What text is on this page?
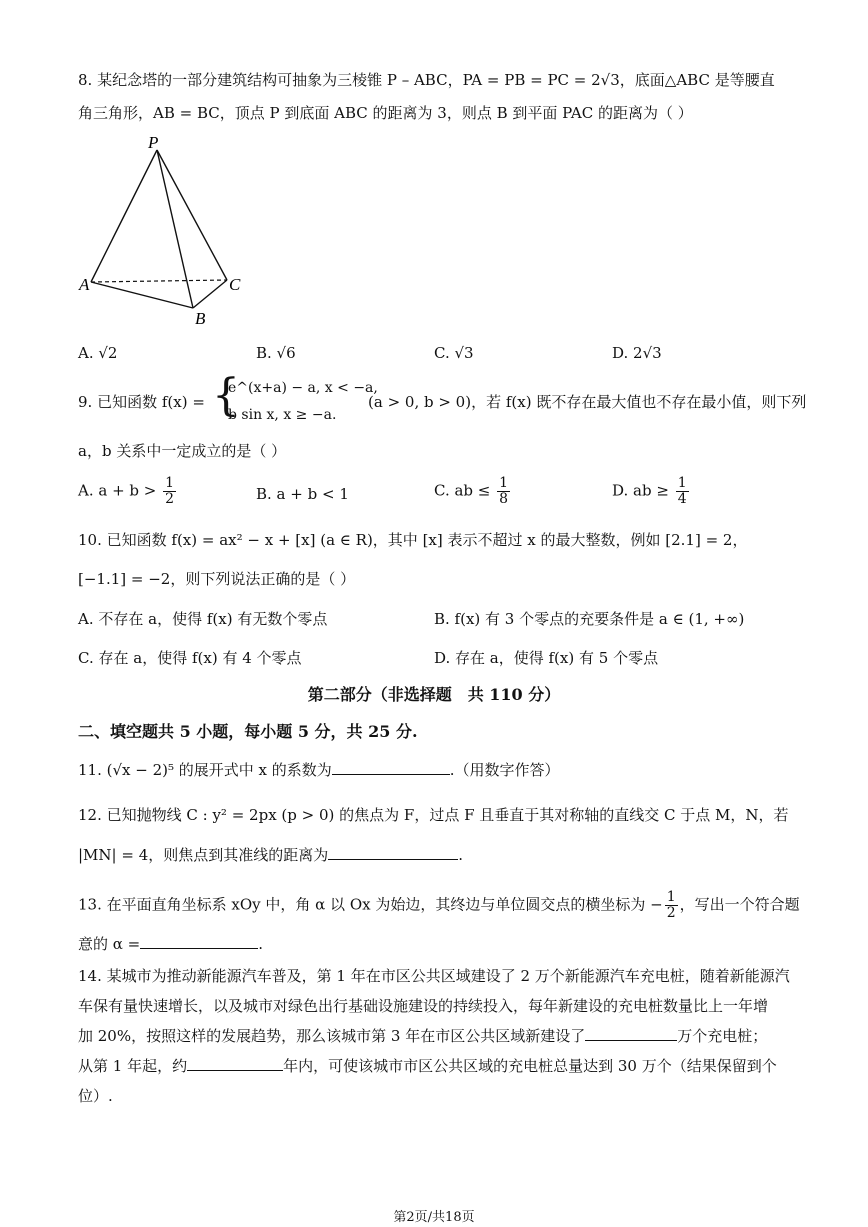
8. 某纪念塔的一部分建筑结构可抽象为三棱锥 P – ABC，PA = PB = PC = 2√3，底面△ABC 是等腰直
角三角形，AB = BC，顶点 P 到底面 ABC 的距离为 3，则点 B 到平面 PAC 的距离为（ ）
P
A	C
B
A. √2	B. √6	C. √3	D. 2√3
9. 已知函数 f(x) = {
e^(x+a) − a, x < −a,
b sin x, x ≥ −a.
(a > 0, b > 0)，若 f(x) 既不存在最大值也不存在最小值，则下列
a，b 关系中一定成立的是（ ）
A. $a + b > \frac{1}{2}$	B. a + b < 1	C. ab ≤ $\frac{1}{8}$	D. ab ≥ $\frac{1}{4}$
10. 已知函数 f(x) = ax² − x + [x] (a ∈ R)，其中 [x] 表示不超过 x 的最大整数，例如 [2.1] = 2，
[−1.1] = −2，则下列说法正确的是（ ）
A. 不存在 a，使得 f(x) 有无数个零点	B. f(x) 有 3 个零点的充要条件是 a ∈ (1, +∞)
C. 存在 a，使得 f(x) 有 4 个零点	D. 存在 a，使得 f(x) 有 5 个零点
第二部分（非选择题　共 110 分）
二、填空题共 5 小题，每小题 5 分，共 25 分.
11. (√x − 2)⁵ 的展开式中 x 的系数为	.（用数字作答）
12. 已知抛物线 C : y² = 2px (p > 0) 的焦点为 F，过点 F 且垂直于其对称轴的直线交 C 于点 M，N，若
|MN| = 4，则焦点到其准线的距离为	.
13. 在平面直角坐标系 xOy 中，角 α 以 Ox 为始边，其终边与单位圆交点的横坐标为 − $\frac{1}{2}$ ，写出一个符合题
意的 α =	.
14. 某城市为推动新能源汽车普及，第 1 年在市区公共区域建设了 2 万个新能源汽车充电桩，随着新能源汽
车保有量快速增长，以及城市对绿色出行基础设施建设的持续投入，每年新建设的充电桩数量比上一年增
加 20%，按照这样的发展趋势，那么该城市第 3 年在市区公共区域新建设了	万个充电桩；
从第 1 年起，约	年内，可使该城市市区公共区域的充电桩总量达到 30 万个（结果保留到个
位）.
第2页/共18页
